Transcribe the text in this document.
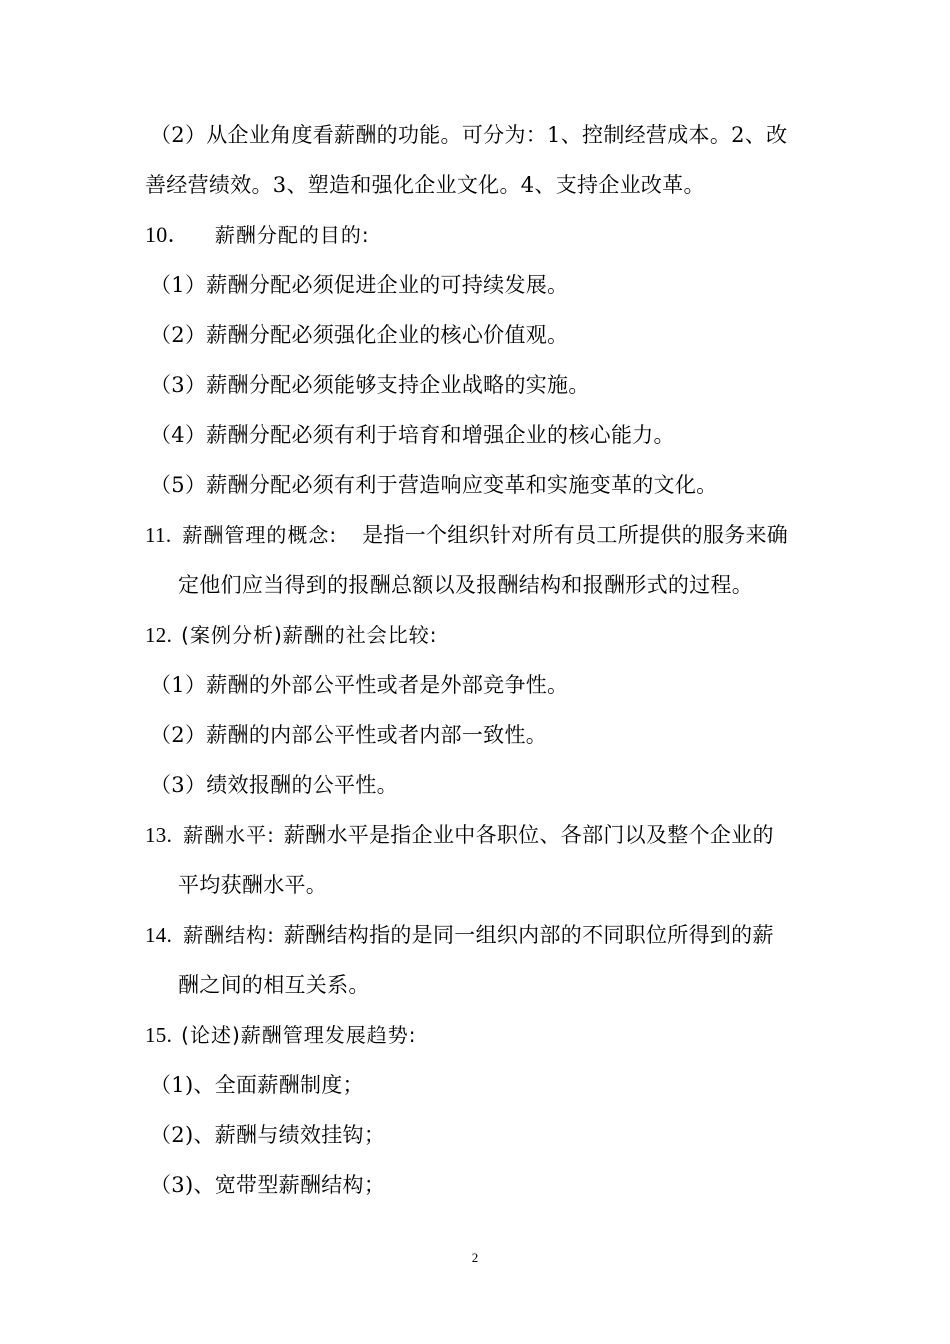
（2）从企业角度看薪酬的功能。可分为：1、控制经营成本。2、改
善经营绩效。3、塑造和强化企业文化。4、支持企业改革。
10． 薪酬分配的目的:
（1）薪酬分配必须促进企业的可持续发展。
（2）薪酬分配必须强化企业的核心价值观。
（3）薪酬分配必须能够支持企业战略的实施。
（4）薪酬分配必须有利于培育和增强企业的核心能力。
（5）薪酬分配必须有利于营造响应变革和实施变革的文化。
11. 薪酬管理的概念: 是指一个组织针对所有员工所提供的服务来确
定他们应当得到的报酬总额以及报酬结构和报酬形式的过程。
12. (案例分析)薪酬的社会比较:
（1）薪酬的外部公平性或者是外部竞争性。
（2）薪酬的内部公平性或者内部一致性。
（3）绩效报酬的公平性。
13. 薪酬水平: 薪酬水平是指企业中各职位、各部门以及整个企业的
平均获酬水平。
14. 薪酬结构: 薪酬结构指的是同一组织内部的不同职位所得到的薪
酬之间的相互关系。
15. (论述)薪酬管理发展趋势:
（1)、全面薪酬制度；
（2)、薪酬与绩效挂钩；
（3)、宽带型薪酬结构；
2
